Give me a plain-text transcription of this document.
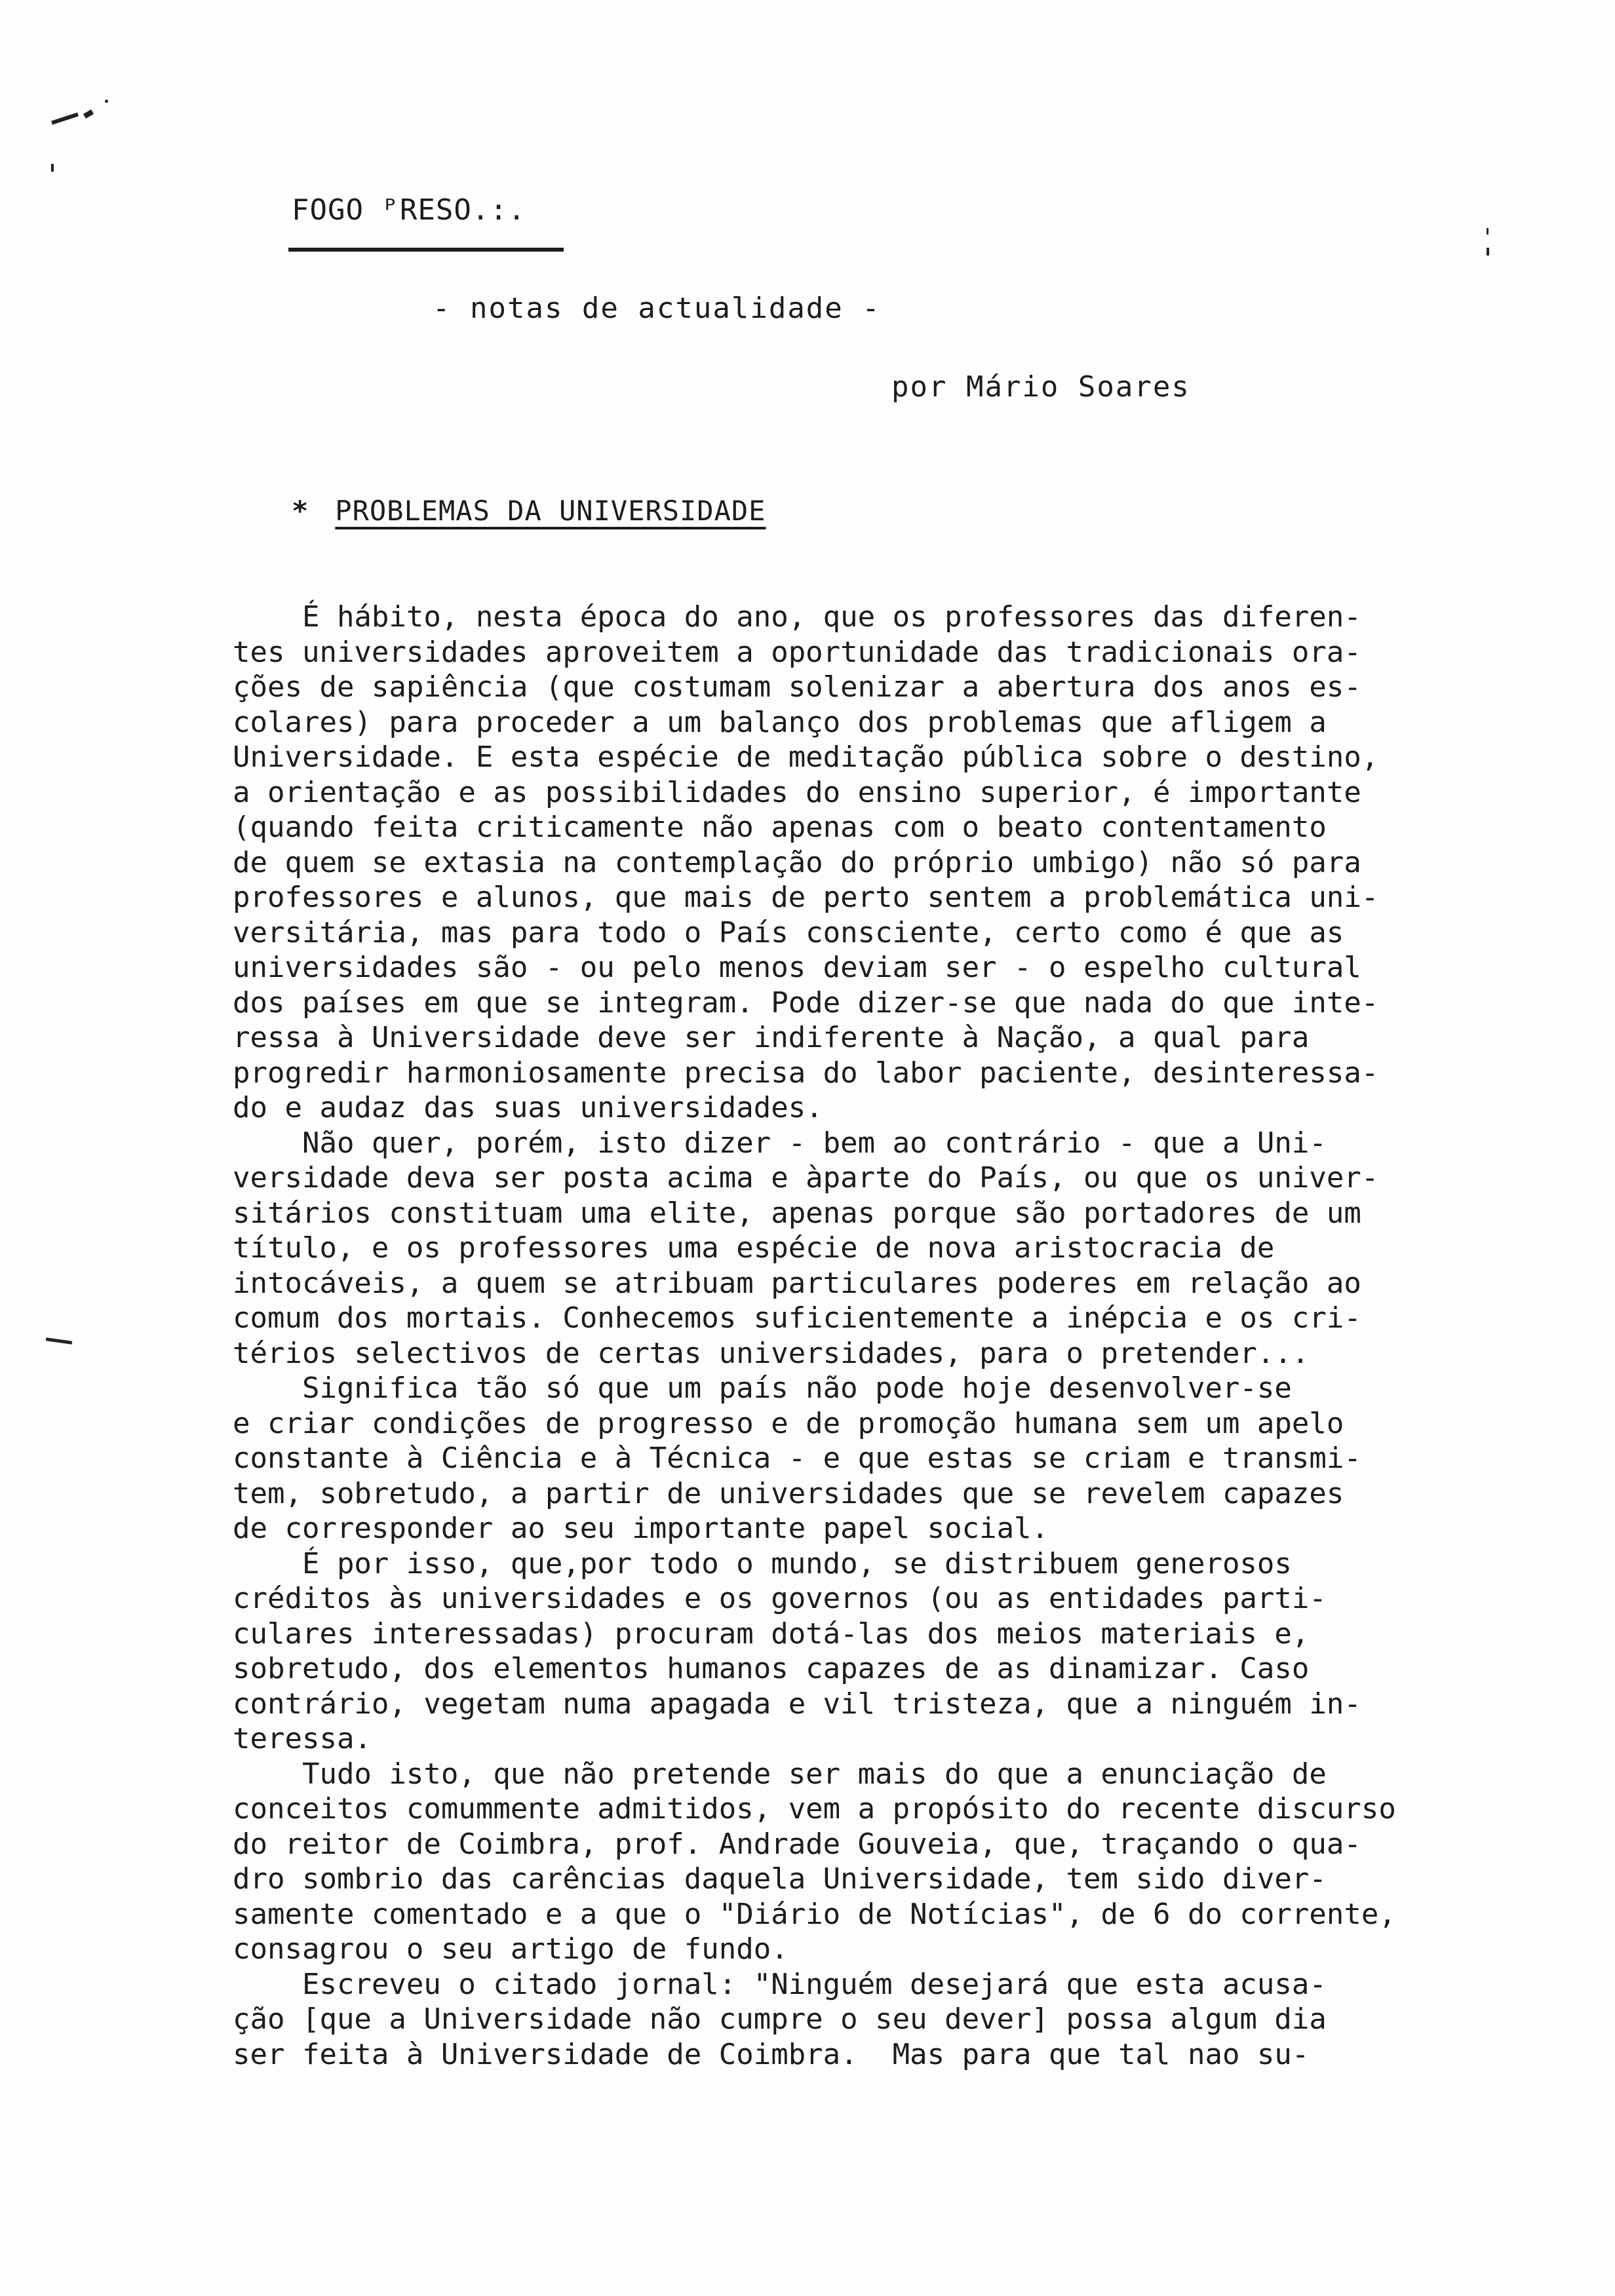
FOGO ᴾRESO.:.
- notas de actualidade -
por Mário Soares
* PROBLEMAS DA UNIVERSIDADE
É hábito, nesta época do ano, que os professores das diferen-
tes universidades aproveitem a oportunidade das tradicionais ora-
ções de sapiência (que costumam solenizar a abertura dos anos es-
colares) para proceder a um balanço dos problemas que afligem a
Universidade. E esta espécie de meditação pública sobre o destino,
a orientação e as possibilidades do ensino superior, é importante
(quando feita criticamente não apenas com o beato contentamento
de quem se extasia na contemplação do próprio umbigo) não só para
professores e alunos, que mais de perto sentem a problemática uni-
versitária, mas para todo o País consciente, certo como é que as
universidades são - ou pelo menos deviam ser - o espelho cultural
dos países em que se integram. Pode dizer-se que nada do que inte-
ressa à Universidade deve ser indiferente à Nação, a qual para
progredir harmoniosamente precisa do labor paciente, desinteressa-
do e audaz das suas universidades.
Não quer, porém, isto dizer - bem ao contrário - que a Uni-
versidade deva ser posta acima e àparte do País, ou que os univer-
sitários constituam uma elite, apenas porque são portadores de um
título, e os professores uma espécie de nova aristocracia de
intocáveis, a quem se atribuam particulares poderes em relação ao
comum dos mortais. Conhecemos suficientemente a inépcia e os cri-
térios selectivos de certas universidades, para o pretender...
Significa tão só que um país não pode hoje desenvolver-se
e criar condições de progresso e de promoção humana sem um apelo
constante à Ciência e à Técnica - e que estas se criam e transmi-
tem, sobretudo, a partir de universidades que se revelem capazes
de corresponder ao seu importante papel social.
É por isso, que,por todo o mundo, se distribuem generosos
créditos às universidades e os governos (ou as entidades parti-
culares interessadas) procuram dotá-las dos meios materiais e,
sobretudo, dos elementos humanos capazes de as dinamizar. Caso
contrário, vegetam numa apagada e vil tristeza, que a ninguém in-
teressa.
Tudo isto, que não pretende ser mais do que a enunciação de
conceitos comummente admitidos, vem a propósito do recente discurso
do reitor de Coimbra, prof. Andrade Gouveia, que, traçando o qua-
dro sombrio das carências daquela Universidade, tem sido diver-
samente comentado e a que o "Diário de Notícias", de 6 do corrente,
consagrou o seu artigo de fundo.
Escreveu o citado jornal: "Ninguém desejará que esta acusa-
ção [que a Universidade não cumpre o seu dever] possa algum dia
ser feita à Universidade de Coimbra.  Mas para que tal nao su-
